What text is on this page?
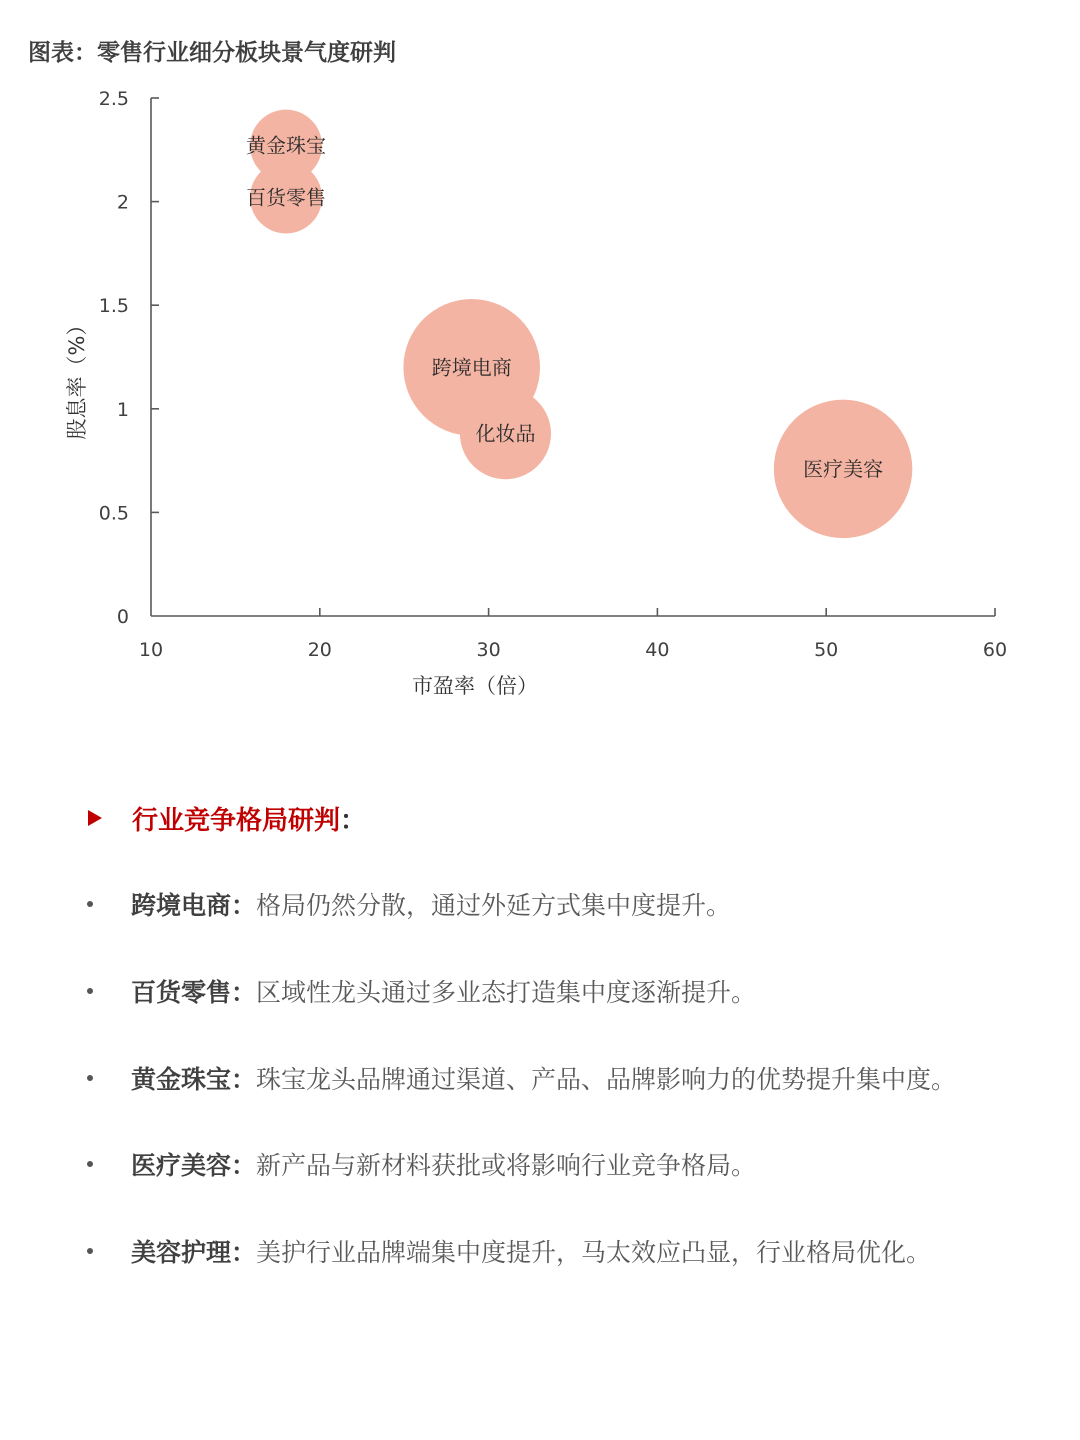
图表：零售行业细分板块景气度研判
10	20	30	40	50	60
0
0.5
1
1.5
2
2.5
市盈率（倍）
股息率（%）
黄金珠宝
百货零售
跨境电商
化妆品
医疗美容
行业竞争格局研判 ：
跨境电商： 格局仍然分散，通过外延方式集中度提升。
百货零售： 区域性龙头通过多业态打造集中度逐渐提升。
黄金珠宝： 珠宝龙头品牌通过渠道、产品、品牌影响力的优势提升集中度。
医疗美容： 新产品与新材料获批或将影响行业竞争格局。
美容护理： 美护行业品牌端集中度提升，马太效应凸显，行业格局优化。
